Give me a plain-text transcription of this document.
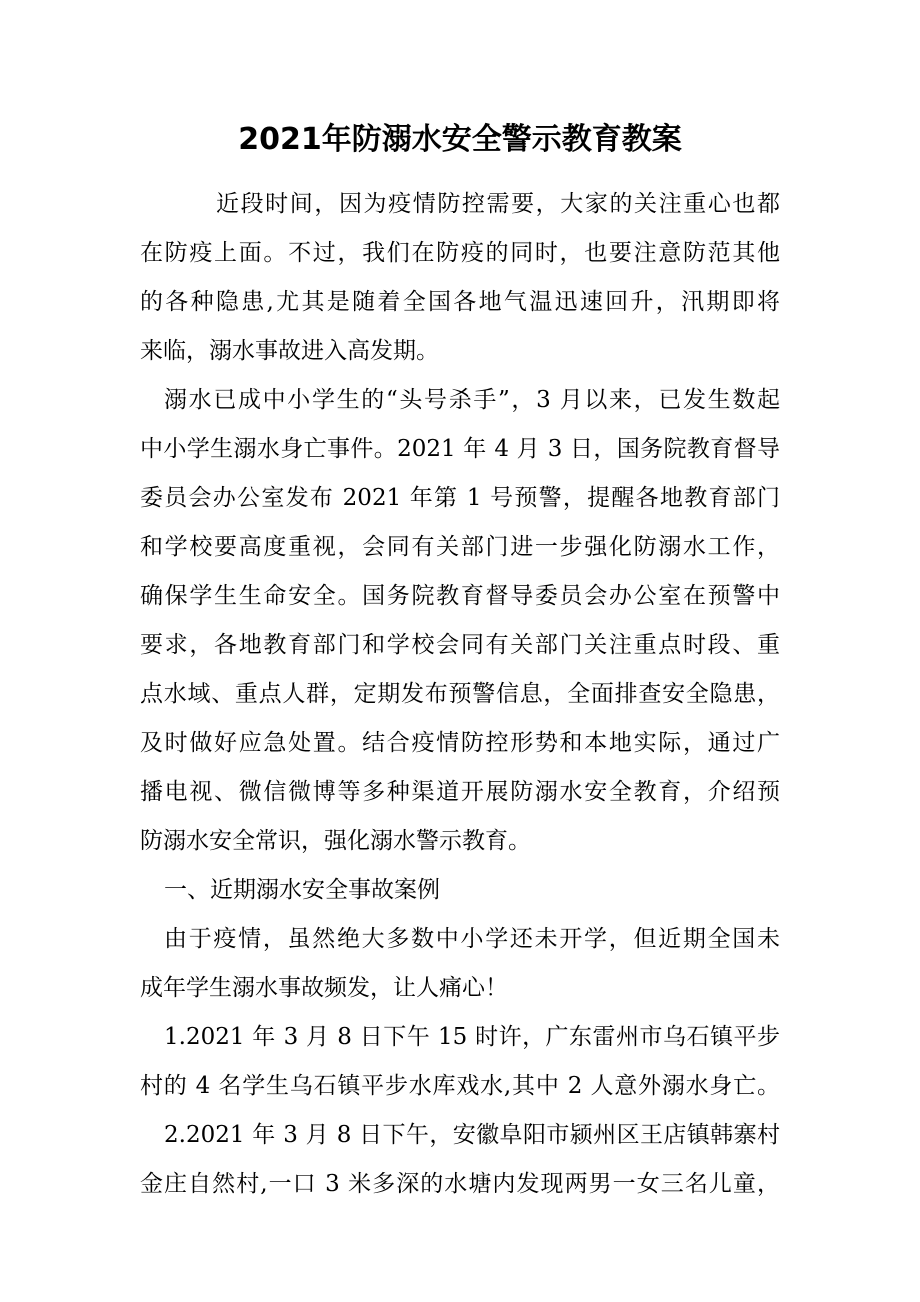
2021年防溺水安全警示教育教案
近段时间，因为疫情防控需要，大家的关注重心也都
在防疫上面。不过，我们在防疫的同时，也要注意防范其他
的各种隐患,尤其是随着全国各地气温迅速回升，汛期即将
来临，溺水事故进入高发期。
溺水已成中小学生的“头号杀手”，3 月以来，已发生数起
中小学生溺水身亡事件。2021 年 4 月 3 日，国务院教育督导
委员会办公室发布 2021 年第 1 号预警，提醒各地教育部门
和学校要高度重视，会同有关部门进一步强化防溺水工作，
确保学生生命安全。国务院教育督导委员会办公室在预警中
要求，各地教育部门和学校会同有关部门关注重点时段、重
点水域、重点人群，定期发布预警信息，全面排查安全隐患，
及时做好应急处置。结合疫情防控形势和本地实际，通过广
播电视、微信微博等多种渠道开展防溺水安全教育，介绍预
防溺水安全常识，强化溺水警示教育。
一、近期溺水安全事故案例
由于疫情，虽然绝大多数中小学还未开学，但近期全国未
成年学生溺水事故频发，让人痛心！
1.2021 年 3 月 8 日下午 15 时许，广东雷州市乌石镇平步
村的 4 名学生乌石镇平步水库戏水,其中 2 人意外溺水身亡。
2.2021 年 3 月 8 日下午，安徽阜阳市颍州区王店镇韩寨村
金庄自然村,一口 3 米多深的水塘内发现两男一女三名儿童，
